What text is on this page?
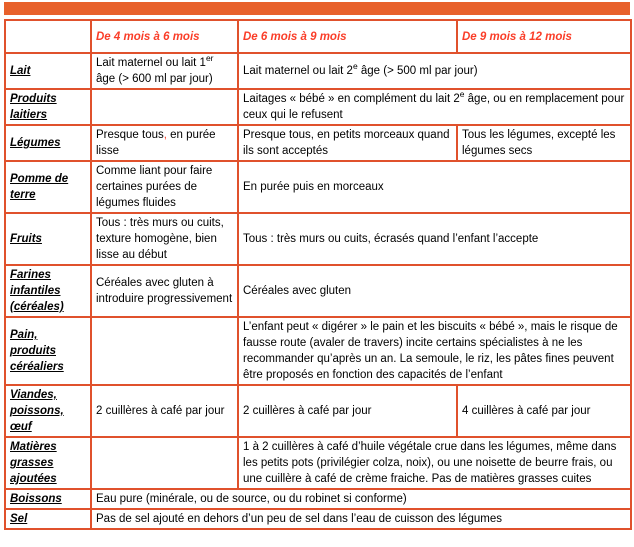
	De 4 mois à 6 mois	De 6 mois à 9 mois	De 9 mois à 12 mois
Lait	Lait maternel ou lait 1er âge (> 600 ml par jour)	Lait maternel ou lait 2e âge (> 500 ml par jour)	
Produits laitiers		Laitages « bébé » en complément du lait 2e âge, ou en remplacement pour ceux qui le refusent	
Légumes	Presque tous, en purée lisse	Presque tous, en petits morceaux quand ils sont acceptés	Tous les légumes, excepté les légumes secs
Pomme de terre	Comme liant pour faire certaines purées de légumes fluides	En purée puis en morceaux	
Fruits	Tous : très murs ou cuits, texture homogène, bien lisse au début	Tous : très murs ou cuits, écrasés quand l’enfant l’accepte	
Farines infantiles (céréales)	Céréales avec gluten à introduire progressivement	Céréales avec gluten	
Pain, produits céréaliers		L’enfant peut « digérer » le pain et les biscuits « bébé », mais le risque de fausse route (avaler de travers) incite certains spécialistes à ne les recommander qu’après un an. La semoule, le riz, les pâtes fines peuvent être proposés en fonction des capacités de l’enfant	
Viandes, poissons, œuf	2 cuillères à café par jour	2 cuillères à café par jour	4 cuillères à café par jour
Matières grasses ajoutées		1 à 2 cuillères à café d’huile végétale crue dans les légumes, même dans les petits pots (privilégier colza, noix), ou une noisette de beurre frais, ou une cuillère à café de crème fraiche. Pas de matières grasses cuites	
Boissons	Eau pure (minérale, ou de source, ou du robinet si conforme)		
Sel	Pas de sel ajouté en dehors d’un peu de sel dans l’eau de cuisson des légumes		
